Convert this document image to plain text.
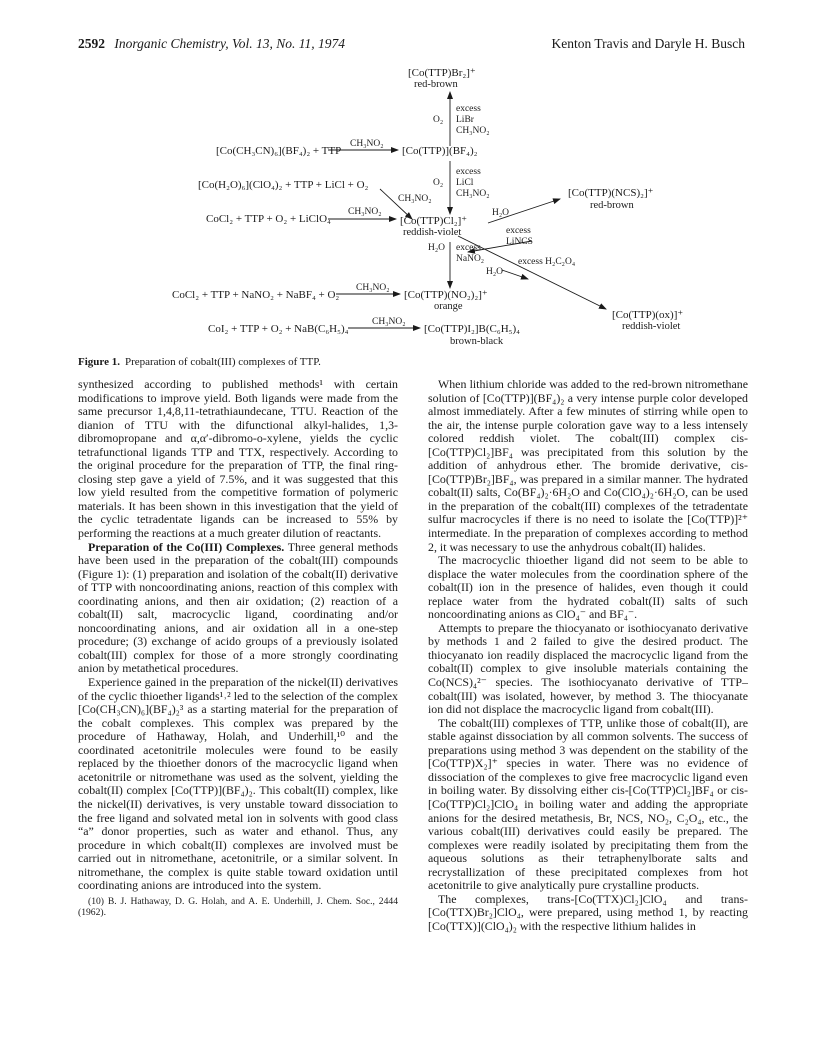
2592 Inorganic Chemistry, Vol. 13, No. 11, 1974	Kenton Travis and Daryle H. Busch
[Co(TTP)Br₂]⁺
red-brown
excess
O₂ LiBr
CH₃NO₂
[Co(CH₃CN)₆](BF₄)₂ + TTP
CH₃NO₂
[Co(TTP)](BF₄)₂
excess
O₂ LiCl
CH₃NO₂
[Co(H₂O)₆](ClO₄)₂ + TTP + LiCl + O₂
CH₃NO₂
CoCl₂ + TTP + O₂ + LiClO₄
CH₃NO₂
[Co(TTP)Cl₂]⁺
reddish-violet
H₂O
[Co(TTP)(NCS)₂]⁺
red-brown
excess
LiNCS
H₂O excess
NaNO₂	excess H₂C₂O₄
H₂O
CoCl₂ + TTP + NaNO₂ + NaBF₄ + O₂
CH₃NO₂
[Co(TTP)(NO₂)₂]⁺
orange
[Co(TTP)(ox)]⁺
reddish-violet
CoI₂ + TTP + O₂ + NaB(C₆H₅)₄
CH₃NO₂
[Co(TTP)I₂]B(C₆H₅)₄
brown-black
Figure 1. Preparation of cobalt(III) complexes of TTP.

synthesized according to published methods¹ with certain modifications to improve yield. Both ligands were made from the same precursor 1,4,8,11-tetrathiaundecane, TTU. Reaction of the dianion of TTU with the difunctional alkyl-halides, 1,3-dibromopropane and α,α′-dibromo-o-xylene, yields the cyclic tetrafunctional ligands TTP and TTX, respectively. According to the original procedure for the preparation of TTP, the final ring-closing step gave a yield of 7.5%, and it was suggested that this low yield resulted from the competitive formation of polymeric materials. It has been shown in this investigation that the yield of the cyclic tetradentate ligands can be increased to 55% by performing the reactions at a much greater dilution of reactants.

Preparation of the Co(III) Complexes. Three general methods have been used in the preparation of the cobalt(III) compounds (Figure 1): (1) preparation and isolation of the cobalt(II) derivative of TTP with noncoordinating anions, reaction of this complex with coordinating anions, and then air oxidation; (2) reaction of a cobalt(II) salt, macrocyclic ligand, coordinating and/or noncoordinating anions, and air oxidation all in a one-step procedure; (3) exchange of acido groups of a previously isolated cobalt(III) complex for those of a more strongly coordinating anion by metathetical procedures.

Experience gained in the preparation of the nickel(II) derivatives of the cyclic thioether ligands¹˒² led to the selection of the complex [Co(CH₃CN)₆](BF₄)₂³ as a starting material for the preparation of the cobalt complexes. This complex was prepared by the procedure of Hathaway, Holah, and Underhill,¹⁰ and the coordinated acetonitrile molecules were found to be easily replaced by the thioether donors of the macrocyclic ligand when acetonitrile or nitromethane was used as the solvent, yielding the cobalt(II) complex [Co(TTP)](BF₄)₂. This cobalt(II) complex, like the nickel(II) derivatives, is very unstable toward dissociation to the free ligand and solvated metal ion in solvents with good class “a” donor properties, such as water and ethanol. Thus, any procedure in which cobalt(II) complexes are involved must be carried out in nitromethane, acetonitrile, or a similar solvent. In nitromethane, the complex is quite stable toward oxidation until coordinating anions are introduced into the system.

(10) B. J. Hathaway, D. G. Holah, and A. E. Underhill, J. Chem. Soc., 2444 (1962).

When lithium chloride was added to the red-brown nitromethane solution of [Co(TTP)](BF₄)₂ a very intense purple color developed almost immediately. After a few minutes of stirring while open to the air, the intense purple coloration gave way to a less intensely colored reddish violet. The cobalt(III) complex cis-[Co(TTP)Cl₂]BF₄ was precipitated from this solution by the addition of anhydrous ether. The bromide derivative, cis-[Co(TTP)Br₂]BF₄, was prepared in a similar manner. The hydrated cobalt(II) salts, Co(BF₄)₂·6H₂O and Co(ClO₄)₂·6H₂O, can be used in the preparation of the cobalt(III) complexes of the tetradentate sulfur macrocycles if there is no need to isolate the [Co(TTP)]²⁺ intermediate. In the preparation of complexes according to method 2, it was necessary to use the anhydrous cobalt(II) halides.

The macrocyclic thioether ligand did not seem to be able to displace the water molecules from the coordination sphere of the cobalt(II) ion in the presence of halides, even though it could replace water from the hydrated cobalt(II) salts of such noncoordinating anions as ClO₄⁻ and BF₄⁻.

Attempts to prepare the thiocyanato or isothiocyanato derivative by methods 1 and 2 failed to give the desired product. The thiocyanato ion readily displaced the macrocyclic ligand from the cobalt(II) complex to give insoluble materials containing the Co(NCS)₄²⁻ species. The isothiocyanato derivative of TTP–cobalt(III) was isolated, however, by method 3. The thiocyanate ion did not displace the macrocyclic ligand from cobalt(III).

The cobalt(III) complexes of TTP, unlike those of cobalt(II), are stable against dissociation by all common solvents. The success of preparations using method 3 was dependent on the stability of the [Co(TTP)X₂]⁺ species in water. There was no evidence of dissociation of the complexes to give free macrocyclic ligand even in boiling water. By dissolving either cis-[Co(TTP)Cl₂]BF₄ or cis-[Co(TTP)Cl₂]ClO₄ in boiling water and adding the appropriate anions for the desired metathesis, Br, NCS, NO₂, C₂O₄, etc., the various cobalt(III) derivatives could easily be prepared. The complexes were readily isolated by precipitating them from the aqueous solutions as their tetraphenylborate salts and recrystallization of these precipitated complexes from hot acetonitrile to give analytically pure crystalline products.

The complexes, trans-[Co(TTX)Cl₂]ClO₄ and trans-[Co(TTX)Br₂]ClO₄, were prepared, using method 1, by reacting [Co(TTX)](ClO₄)₂ with the respective lithium halides in
